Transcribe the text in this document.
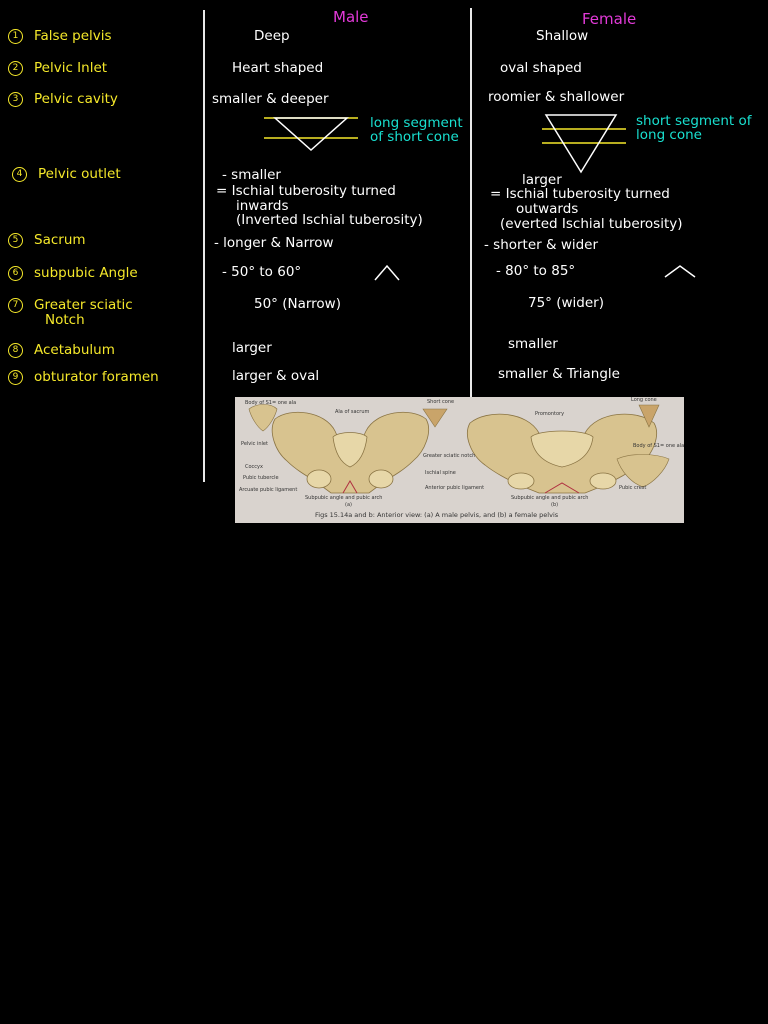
Male	Female
1 False pelvis
2 Pelvic Inlet
3 Pelvic cavity
4 Pelvic outlet
5 Sacrum
6 subpubic Angle
7 Greater sciatic
Notch
8 Acetabulum
9 obturator foramen
Deep
Heart shaped
smaller & deeper
long segment of short cone
- smaller
= Ischial tuberosity turned
inwards
(Inverted Ischial tuberosity)
- longer & Narrow
- 50° to 60°
50° (Narrow)
larger
larger & oval
Shallow
oval shaped
roomier & shallower
short segment of long cone
larger
= Ischial tuberosity turned
outwards
(everted Ischial tuberosity)
- shorter & wider
- 80° to 85°
75° (wider)
smaller
smaller & Triangle
Body of S1= one ala
Ala of sacrum
Short cone
Promontory
Long cone
Pelvic inlet
Coccyx
Pubic tubercle
Arcuate pubic ligament
Greater sciatic notch
Ischial spine
Anterior pubic ligament
Subpubic angle and pubic arch
(a)
Subpubic angle and pubic arch
(b)
Body of S1= one ala
Pubic crest
Figs 15.14a and b: Anterior view: (a) A male pelvis, and (b) a female pelvis
